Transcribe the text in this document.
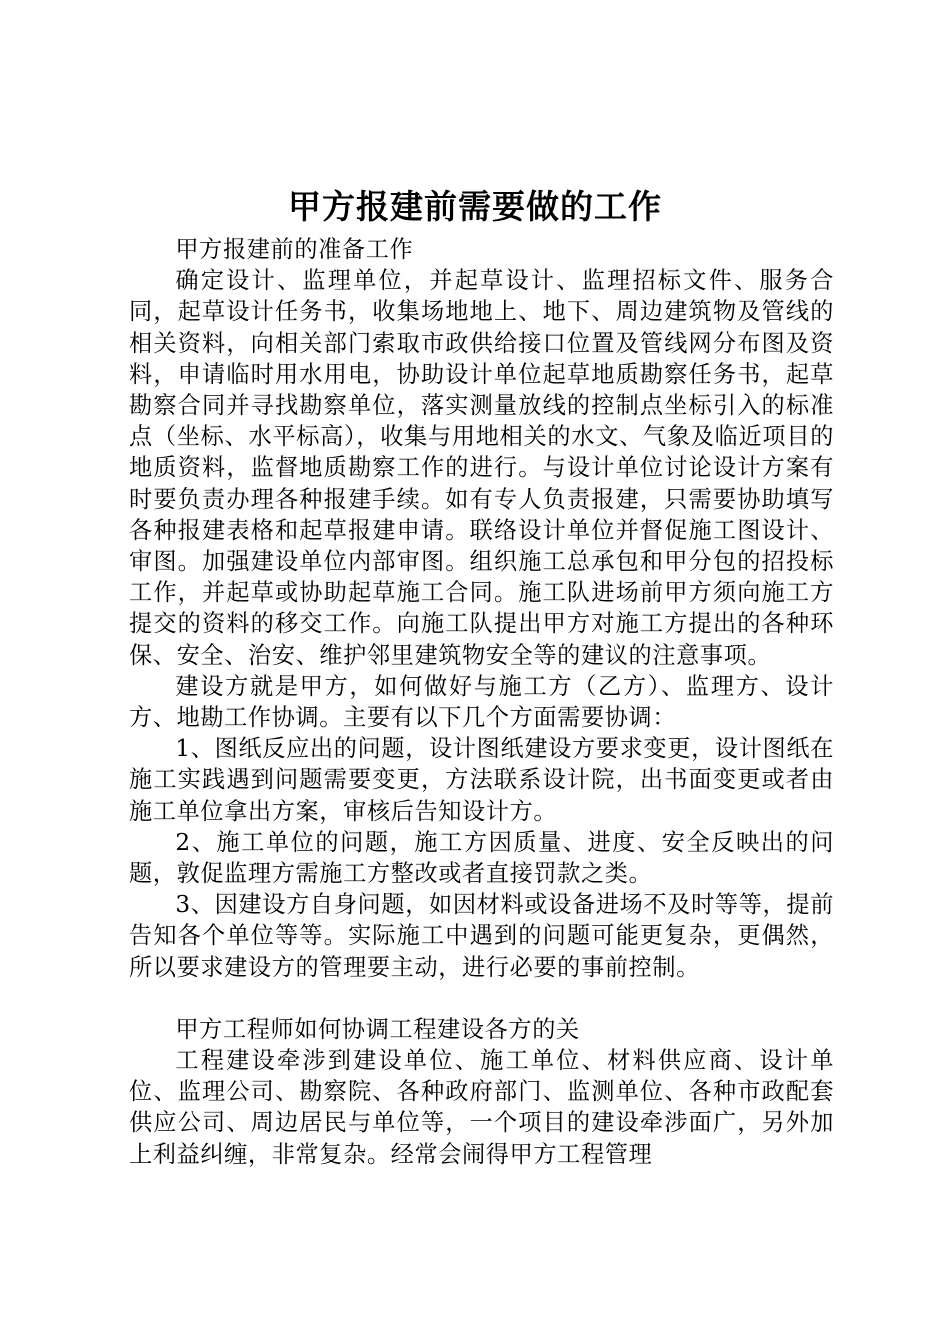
甲方报建前需要做的工作

甲方报建前的准备工作

确定设计、监理单位，并起草设计、监理招标文件、服务合同，起草设计任务书，收集场地地上、地下、周边建筑物及管线的相关资料，向相关部门索取市政供给接口位置及管线网分布图及资料，申请临时用水用电，协助设计单位起草地质勘察任务书，起草勘察合同并寻找勘察单位，落实测量放线的控制点坐标引入的标准点（坐标、水平标高），收集与用地相关的水文、气象及临近项目的地质资料，监督地质勘察工作的进行。与设计单位讨论设计方案有时要负责办理各种报建手续。如有专人负责报建，只需要协助填写各种报建表格和起草报建申请。联络设计单位并督促施工图设计、审图。加强建设单位内部审图。组织施工总承包和甲分包的招投标工作，并起草或协助起草施工合同。施工队进场前甲方须向施工方提交的资料的移交工作。向施工队提出甲方对施工方提出的各种环保、安全、治安、维护邻里建筑物安全等的建议的注意事项。

建设方就是甲方，如何做好与施工方（乙方）、监理方、设计方、地勘工作协调。主要有以下几个方面需要协调：

1、图纸反应出的问题，设计图纸建设方要求变更，设计图纸在施工实践遇到问题需要变更，方法联系设计院，出书面变更或者由施工单位拿出方案，审核后告知设计方。

2、施工单位的问题，施工方因质量、进度、安全反映出的问题，敦促监理方需施工方整改或者直接罚款之类。

3、因建设方自身问题，如因材料或设备进场不及时等等，提前告知各个单位等等。实际施工中遇到的问题可能更复杂，更偶然，所以要求建设方的管理要主动，进行必要的事前控制。

甲方工程师如何协调工程建设各方的关

工程建设牵涉到建设单位、施工单位、材料供应商、设计单位、监理公司、勘察院、各种政府部门、监测单位、各种市政配套供应公司、周边居民与单位等，一个项目的建设牵涉面广，另外加上利益纠缠，非常复杂。经常会闹得甲方工程管理
